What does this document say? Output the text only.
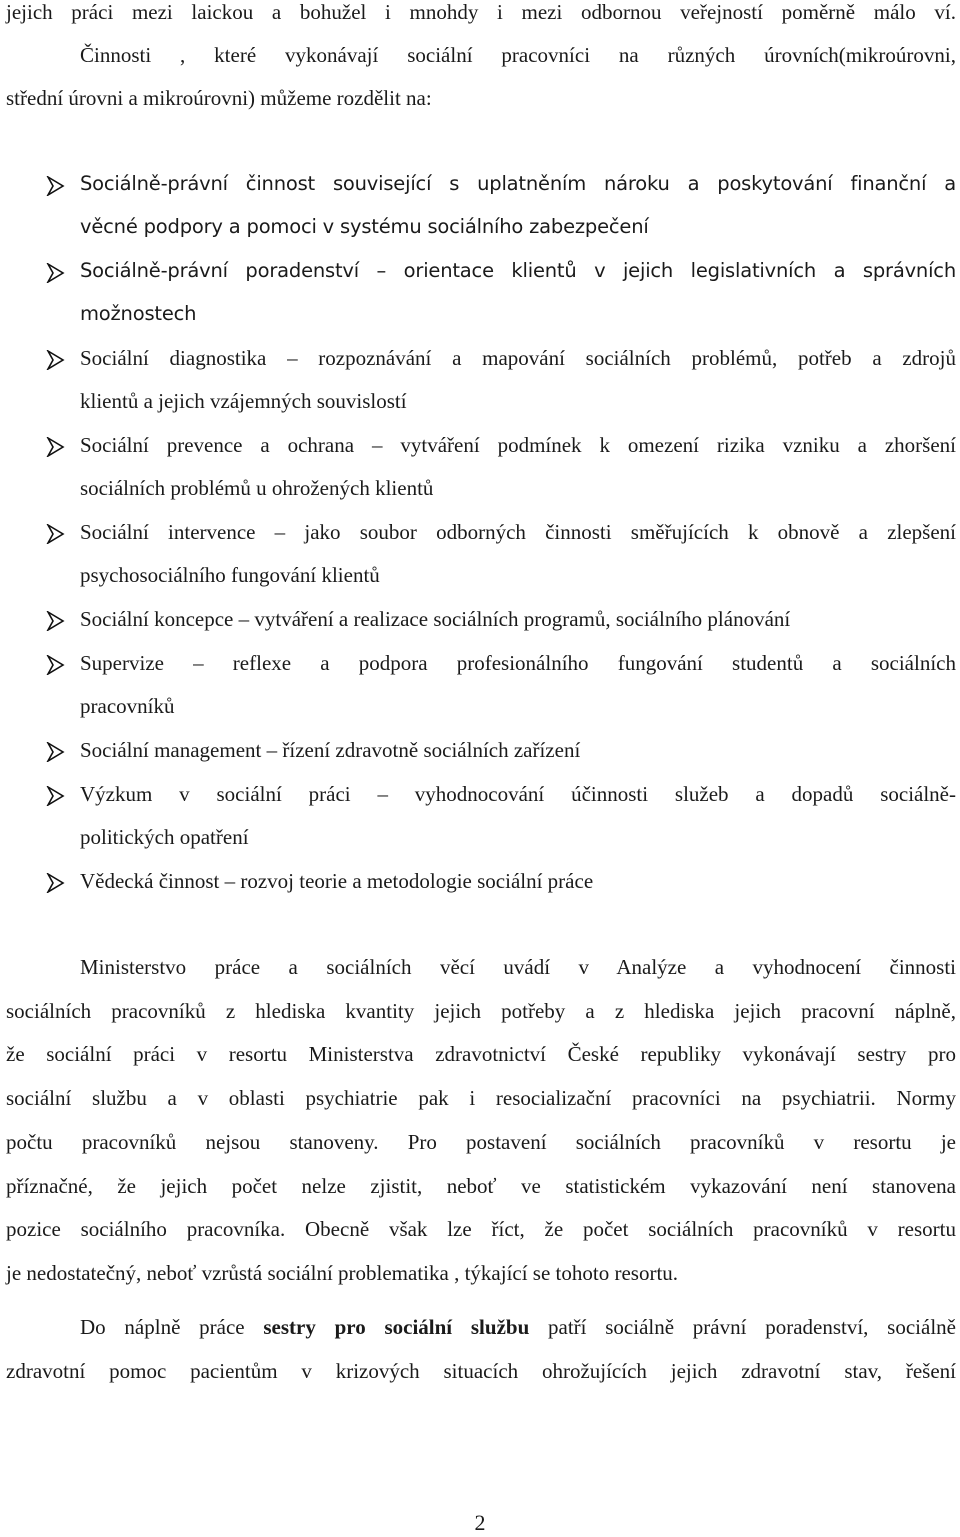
jejich práci mezi laickou a bohužel i mnohdy i mezi odbornou veřejností poměrně málo ví.
Činnosti , které vykonávají sociální pracovníci na různých úrovních(mikroúrovni,
střední úrovni a mikroúrovni) můžeme rozdělit na:
Sociálně-právní činnost související s uplatněním nároku a poskytování finanční a
věcné podpory a pomoci v systému sociálního zabezpečení
Sociálně-právní poradenství – orientace klientů v jejich legislativních a správních
možnostech
Sociální diagnostika – rozpoznávání a mapování sociálních problémů, potřeb a zdrojů
klientů a jejich vzájemných souvislostí
Sociální prevence a ochrana – vytváření podmínek k omezení rizika vzniku a zhoršení
sociálních problémů u ohrožených klientů
Sociální intervence – jako soubor odborných činnosti směřujících k obnově a zlepšení
psychosociálního fungování klientů
Sociální koncepce – vytváření a realizace sociálních programů, sociálního plánování
Supervize – reflexe a podpora profesionálního fungování studentů a sociálních
pracovníků
Sociální management – řízení zdravotně sociálních zařízení
Výzkum v sociální práci – vyhodnocování účinnosti služeb a dopadů sociálně-
politických opatření
Vědecká činnost – rozvoj teorie a metodologie sociální práce
Ministerstvo práce a sociálních věcí uvádí v Analýze a vyhodnocení činnosti
sociálních pracovníků z hlediska kvantity jejich potřeby a z hlediska jejich pracovní náplně,
že sociální práci v resortu Ministerstva zdravotnictví České republiky vykonávají sestry pro
sociální službu a v oblasti psychiatrie pak i resocializační pracovníci na psychiatrii. Normy
počtu pracovníků nejsou stanoveny. Pro postavení sociálních pracovníků v resortu je
příznačné, že jejich počet nelze zjistit, neboť ve statistickém vykazování není stanovena
pozice sociálního pracovníka. Obecně však lze říct, že počet sociálních pracovníků v resortu
je nedostatečný, neboť vzrůstá sociální problematika , týkající se tohoto resortu.
Do náplně práce sestry pro sociální službu patří sociálně právní poradenství, sociálně
zdravotní pomoc pacientům v krizových situacích ohrožujících jejich zdravotní stav, řešení
2
